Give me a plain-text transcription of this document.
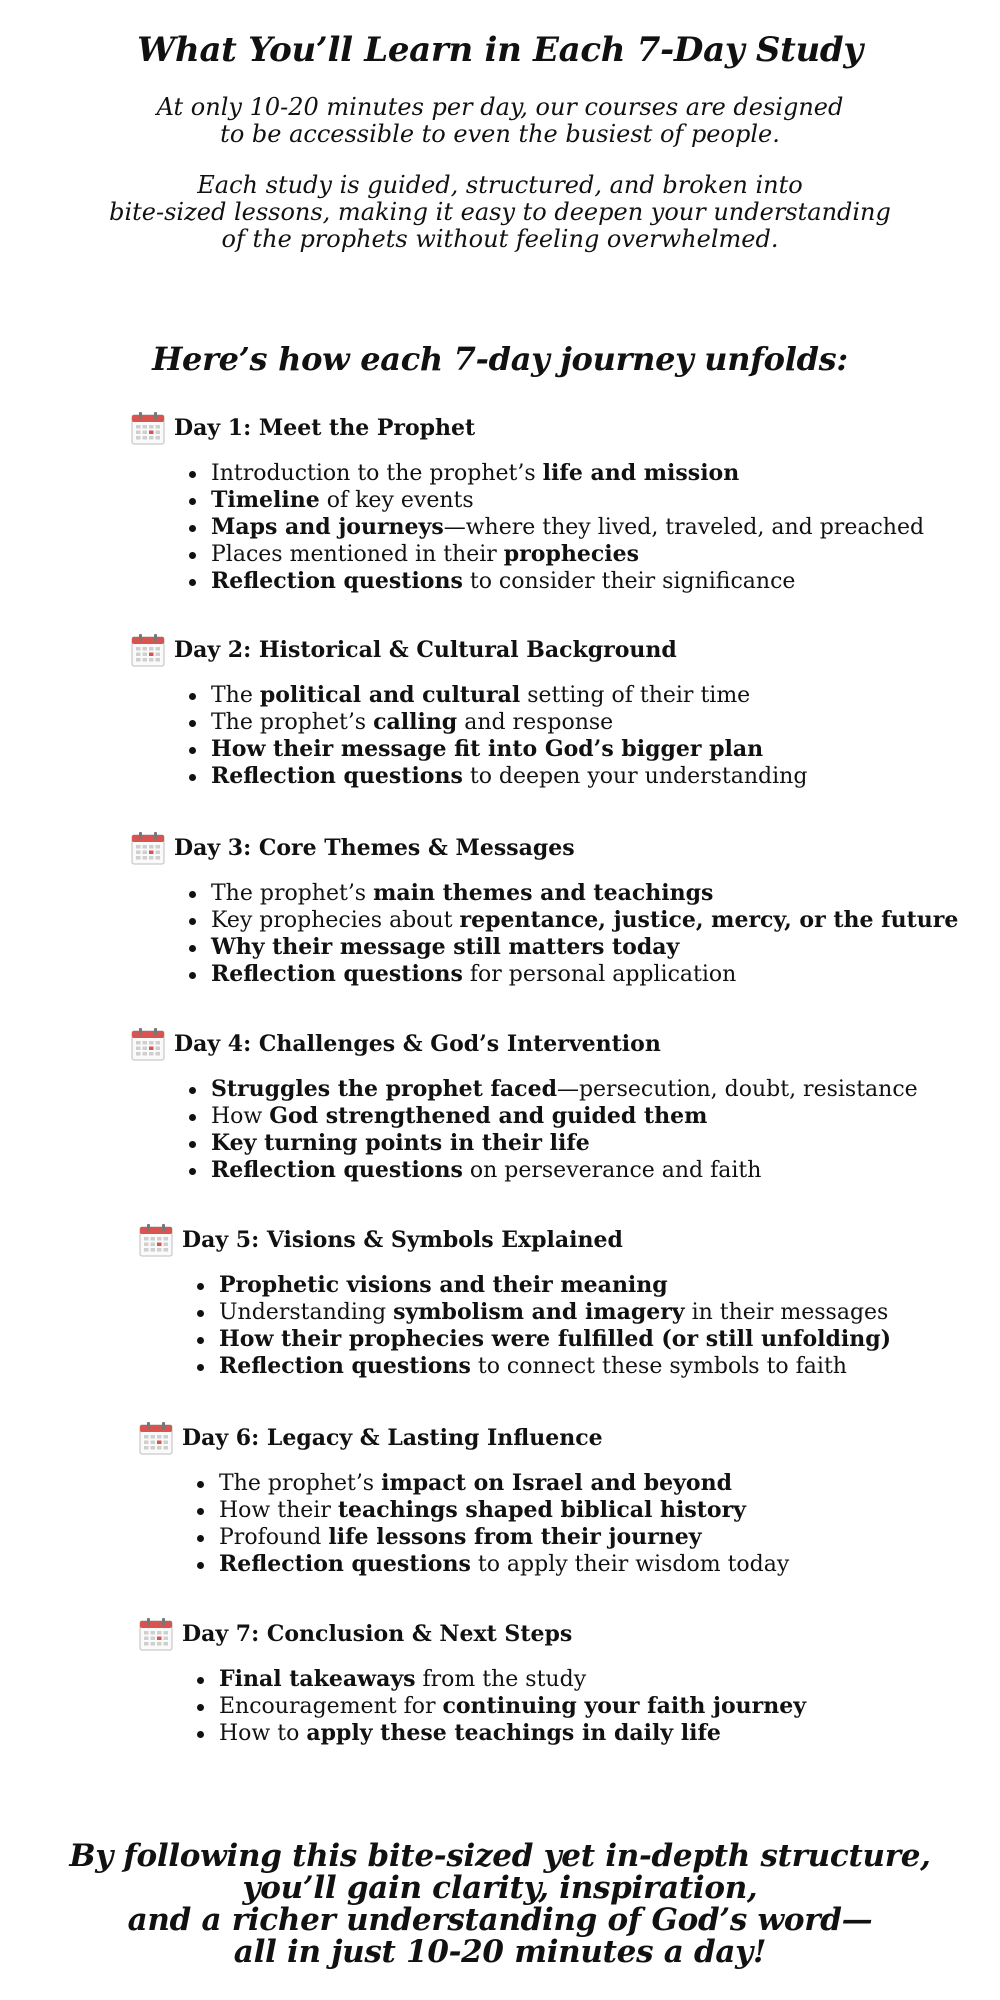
What You’ll Learn in Each 7-Day Study

At only 10-20 minutes per day, our courses are designed
to be accessible to even the busiest of people.

Each study is guided, structured, and broken into
bite-sized lessons, making it easy to deepen your understanding
of the prophets without feeling overwhelmed.

Here’s how each 7-day journey unfolds:
Day 1: Meet the Prophet
Introduction to the prophet’s life and mission
Timeline of key events
Maps and journeys—where they lived, traveled, and preached
Places mentioned in their prophecies
Reflection questions to consider their significance
Day 2: Historical & Cultural Background
The political and cultural setting of their time
The prophet’s calling and response
How their message fit into God’s bigger plan
Reflection questions to deepen your understanding
Day 3: Core Themes & Messages
The prophet’s main themes and teachings
Key prophecies about repentance, justice, mercy, or the future
Why their message still matters today
Reflection questions for personal application
Day 4: Challenges & God’s Intervention
Struggles the prophet faced—persecution, doubt, resistance
How God strengthened and guided them
Key turning points in their life
Reflection questions on perseverance and faith
Day 5: Visions & Symbols Explained
Prophetic visions and their meaning
Understanding symbolism and imagery in their messages
How their prophecies were fulfilled (or still unfolding)
Reflection questions to connect these symbols to faith
Day 6: Legacy & Lasting Influence
The prophet’s impact on Israel and beyond
How their teachings shaped biblical history
Profound life lessons from their journey
Reflection questions to apply their wisdom today
Day 7: Conclusion & Next Steps
Final takeaways from the study
Encouragement for continuing your faith journey
How to apply these teachings in daily life

By following this bite-sized yet in-depth structure,
you’ll gain clarity, inspiration,
and a richer understanding of God’s word—
all in just 10-20 minutes a day!
